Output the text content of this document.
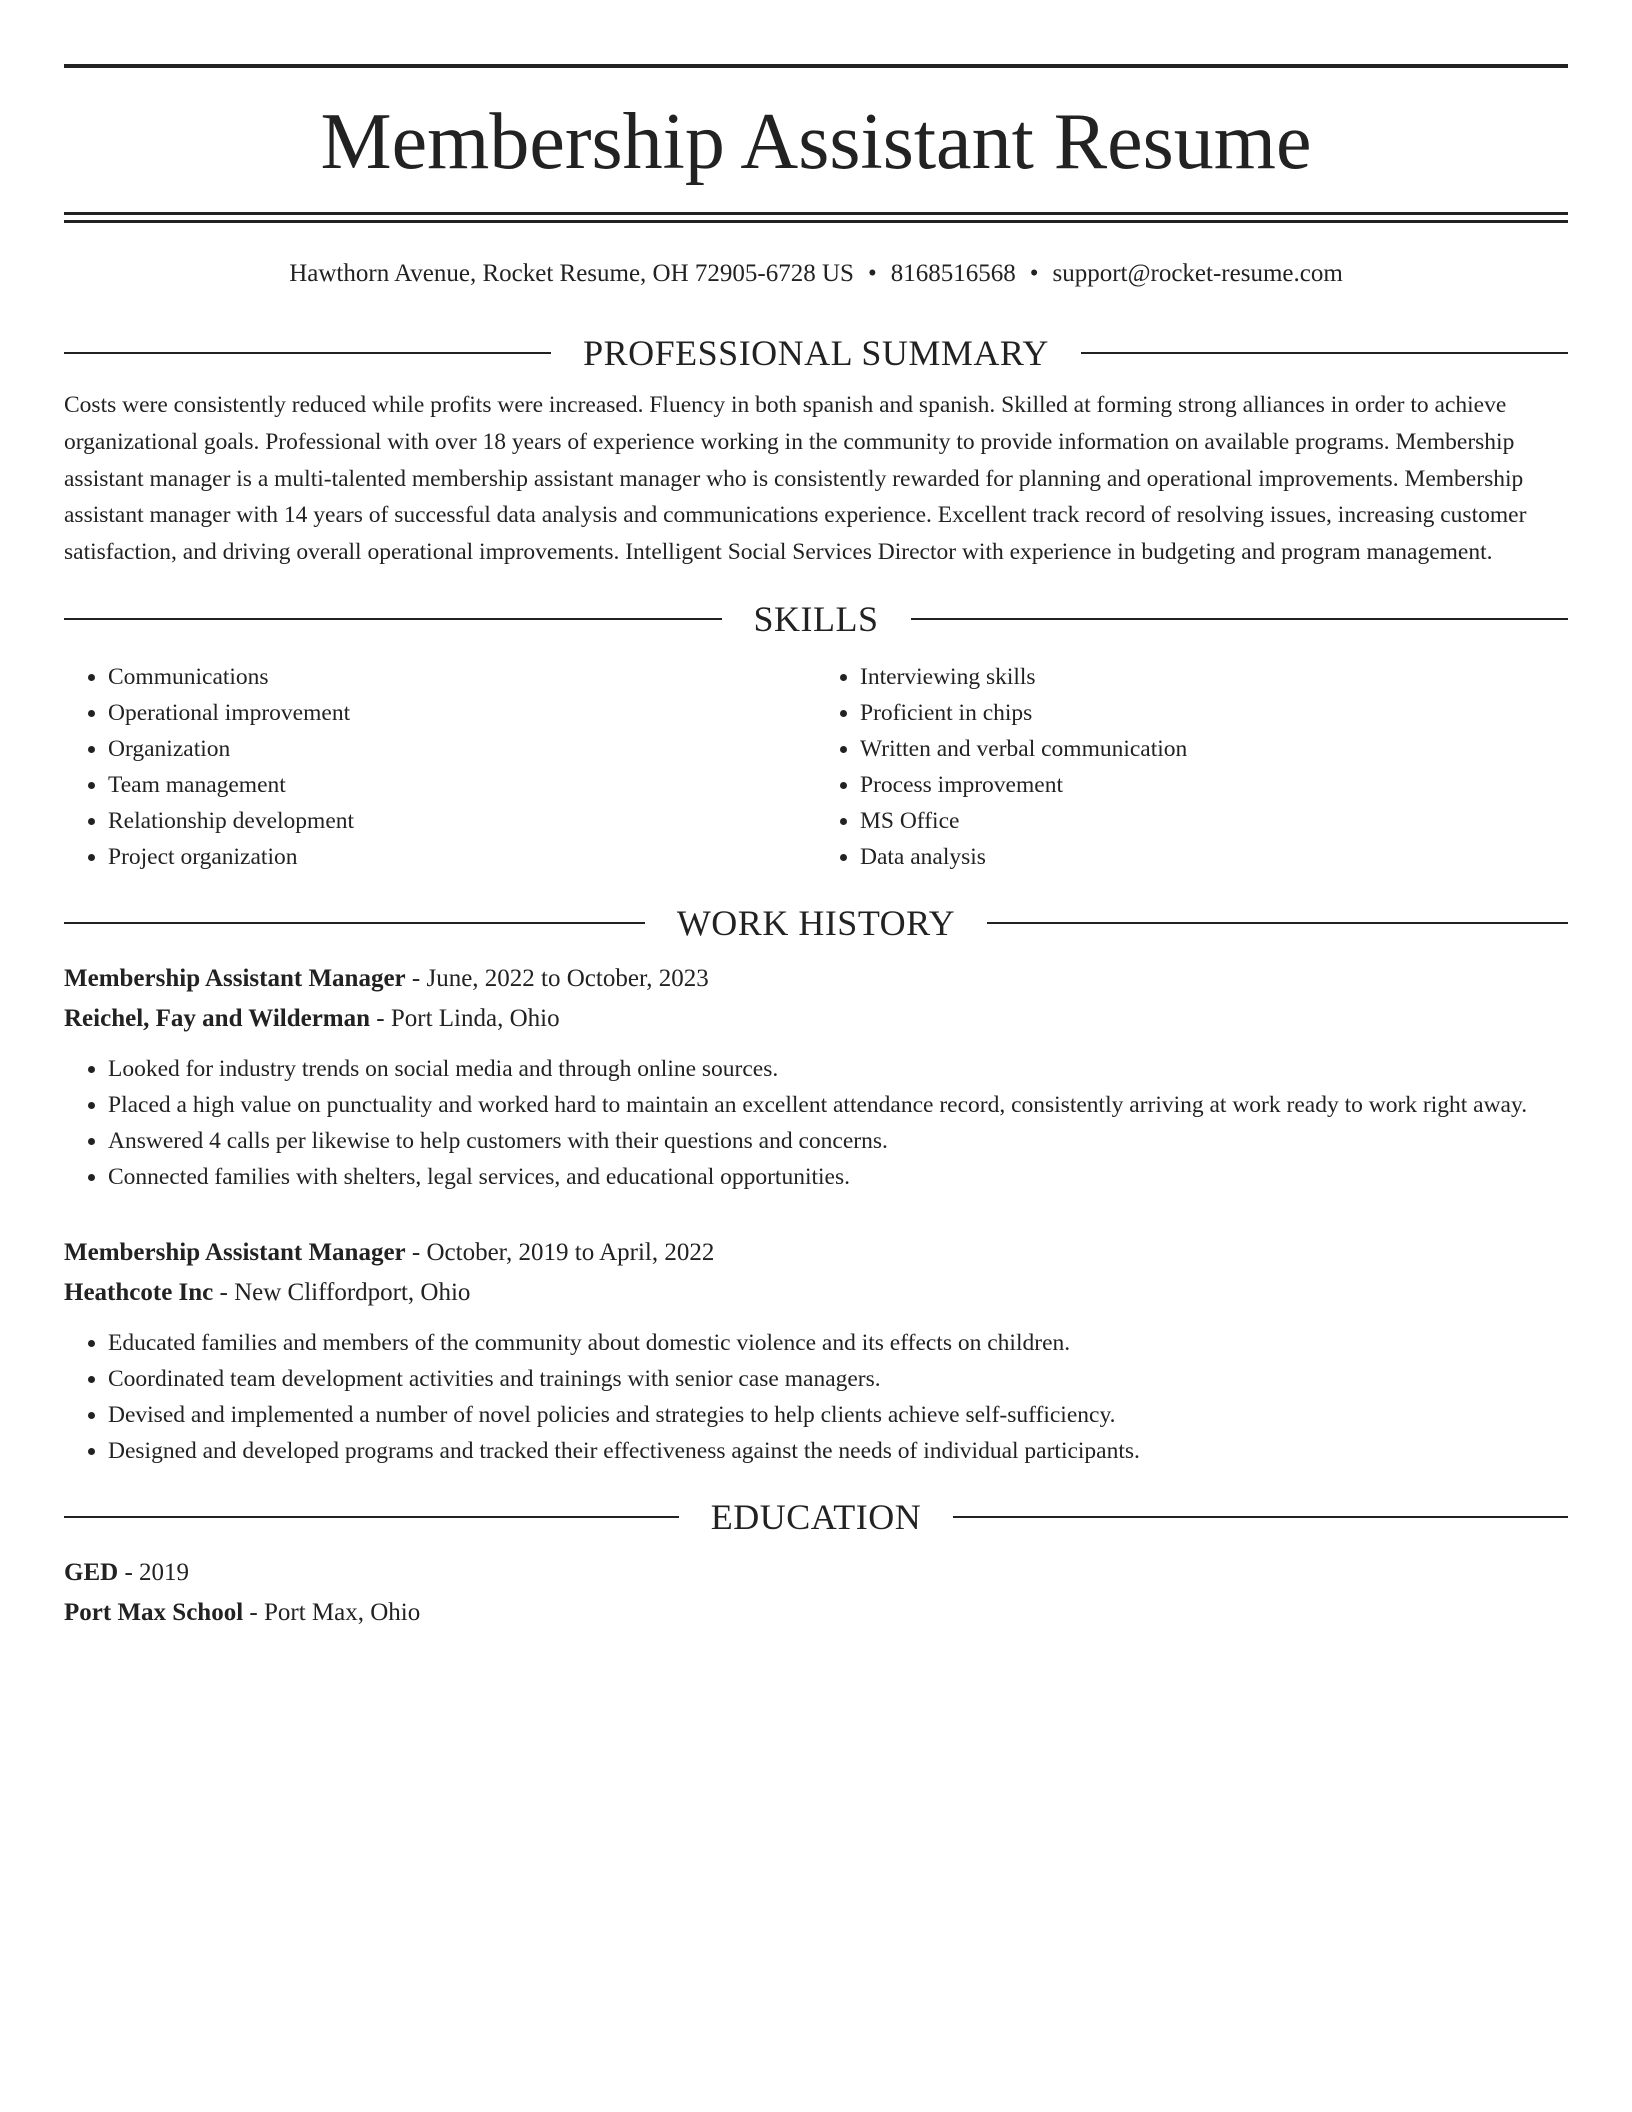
Membership Assistant Resume
Hawthorn Avenue, Rocket Resume, OH 72905-6728 US • 8168516568 • support@rocket-resume.com
PROFESSIONAL SUMMARY

Costs were consistently reduced while profits were increased. Fluency in both spanish and spanish. Skilled at forming strong alliances in order to achieve organizational goals. Professional with over 18 years of experience working in the community to provide information on available programs. Membership assistant manager is a multi-talented membership assistant manager who is consistently rewarded for planning and operational improvements. Membership assistant manager with 14 years of successful data analysis and communications experience. Excellent track record of resolving issues, increasing customer satisfaction, and driving overall operational improvements. Intelligent Social Services Director with experience in budgeting and program management.

SKILLS
• Communications
• Operational improvement
• Organization
• Team management
• Relationship development
• Project organization
• Interviewing skills
• Proficient in chips
• Written and verbal communication
• Process improvement
• MS Office
• Data analysis
WORK HISTORY
Membership Assistant Manager - June, 2022 to October, 2023
Reichel, Fay and Wilderman - Port Linda, Ohio
• Looked for industry trends on social media and through online sources.
• Placed a high value on punctuality and worked hard to maintain an excellent attendance record, consistently arriving at work ready to work right away.
• Answered 4 calls per likewise to help customers with their questions and concerns.
• Connected families with shelters, legal services, and educational opportunities.
Membership Assistant Manager - October, 2019 to April, 2022
Heathcote Inc - New Cliffordport, Ohio
• Educated families and members of the community about domestic violence and its effects on children.
• Coordinated team development activities and trainings with senior case managers.
• Devised and implemented a number of novel policies and strategies to help clients achieve self-sufficiency.
• Designed and developed programs and tracked their effectiveness against the needs of individual participants.
EDUCATION
GED - 2019
Port Max School - Port Max, Ohio
